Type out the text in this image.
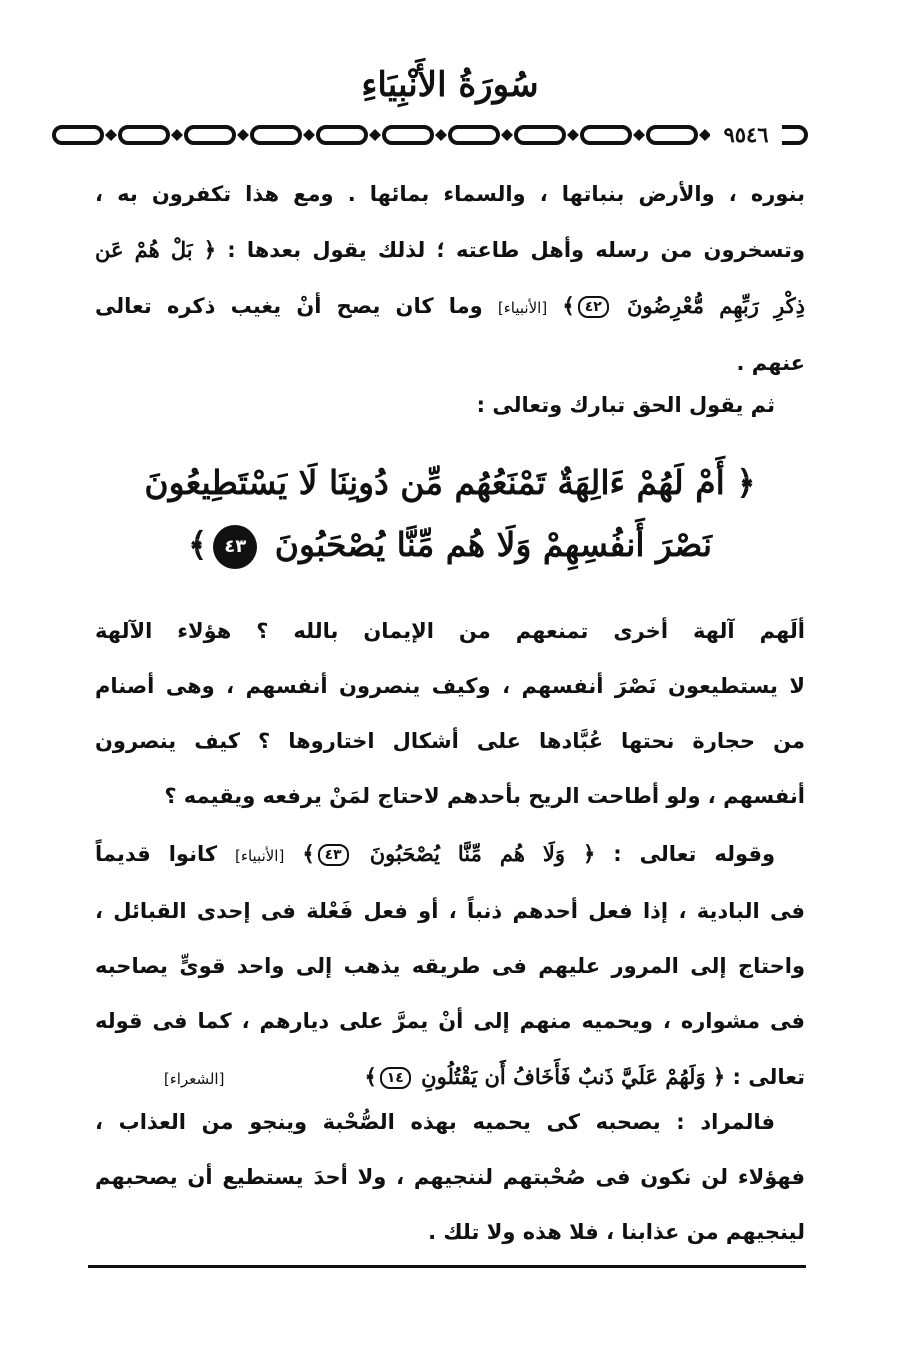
سُورَةُ الأَنْبِيَاءِ
٩٥٤٦
بنوره ، والأرض بنباتها ، والسماء بمائها . ومع هذا تكفرون به ،
وتسخرون من رسله وأهل طاعته ؛ لذلك يقول بعدها : ﴿ بَلْ هُمْ عَن
ذِكْرِ رَبِّهِم مُّعْرِضُونَ ٤٢﴾ [الأنبياء] وما كان يصح أنْ يغيب ذكره تعالى
عنهم .
ثم يقول الحق تبارك وتعالى :
﴿ أَمْ لَهُمْ ءَالِهَةٌ تَمْنَعُهُم مِّن دُونِنَا لَا يَسْتَطِيعُونَ
نَصْرَ أَنفُسِهِمْ وَلَا هُم مِّنَّا يُصْحَبُونَ ٤٣﴾
ألَهم آلهة أخرى تمنعهم من الإيمان بالله ؟ هؤلاء الآلهة
لا يستطيعون نَصْرَ أنفسهم ، وكيف ينصرون أنفسهم ، وهى أصنام
من حجارة نحتها عُبَّادها على أشكال اختاروها ؟ كيف ينصرون
أنفسهم ، ولو أطاحت الريح بأحدهم لاحتاج لمَنْ يرفعه ويقيمه ؟
وقوله تعالى : ﴿ وَلَا هُم مِّنَّا يُصْحَبُونَ ٤٣﴾ [الأنبياء] كانوا قديماً
فى البادية ، إذا فعل أحدهم ذنباً ، أو فعل فَعْلة فى إحدى القبائل ،
واحتاج إلى المرور عليهم فى طريقه يذهب إلى واحد قوىٍّ يصاحبه
فى مشواره ، ويحميه منهم إلى أنْ يمرَّ على ديارهم ، كما فى قوله
تعالى : ﴿ وَلَهُمْ عَلَيَّ ذَنبٌ فَأَخَافُ أَن يَقْتُلُونِ ١٤﴾[الشعراء]
فالمراد : يصحبه كى يحميه بهذه الصُّحْبة وينجو من العذاب ،
فهؤلاء لن نكون فى صُحْبتهم لننجيهم ، ولا أحدَ يستطيع أن يصحبهم
لينجيهم من عذابنا ، فلا هذه ولا تلك .
